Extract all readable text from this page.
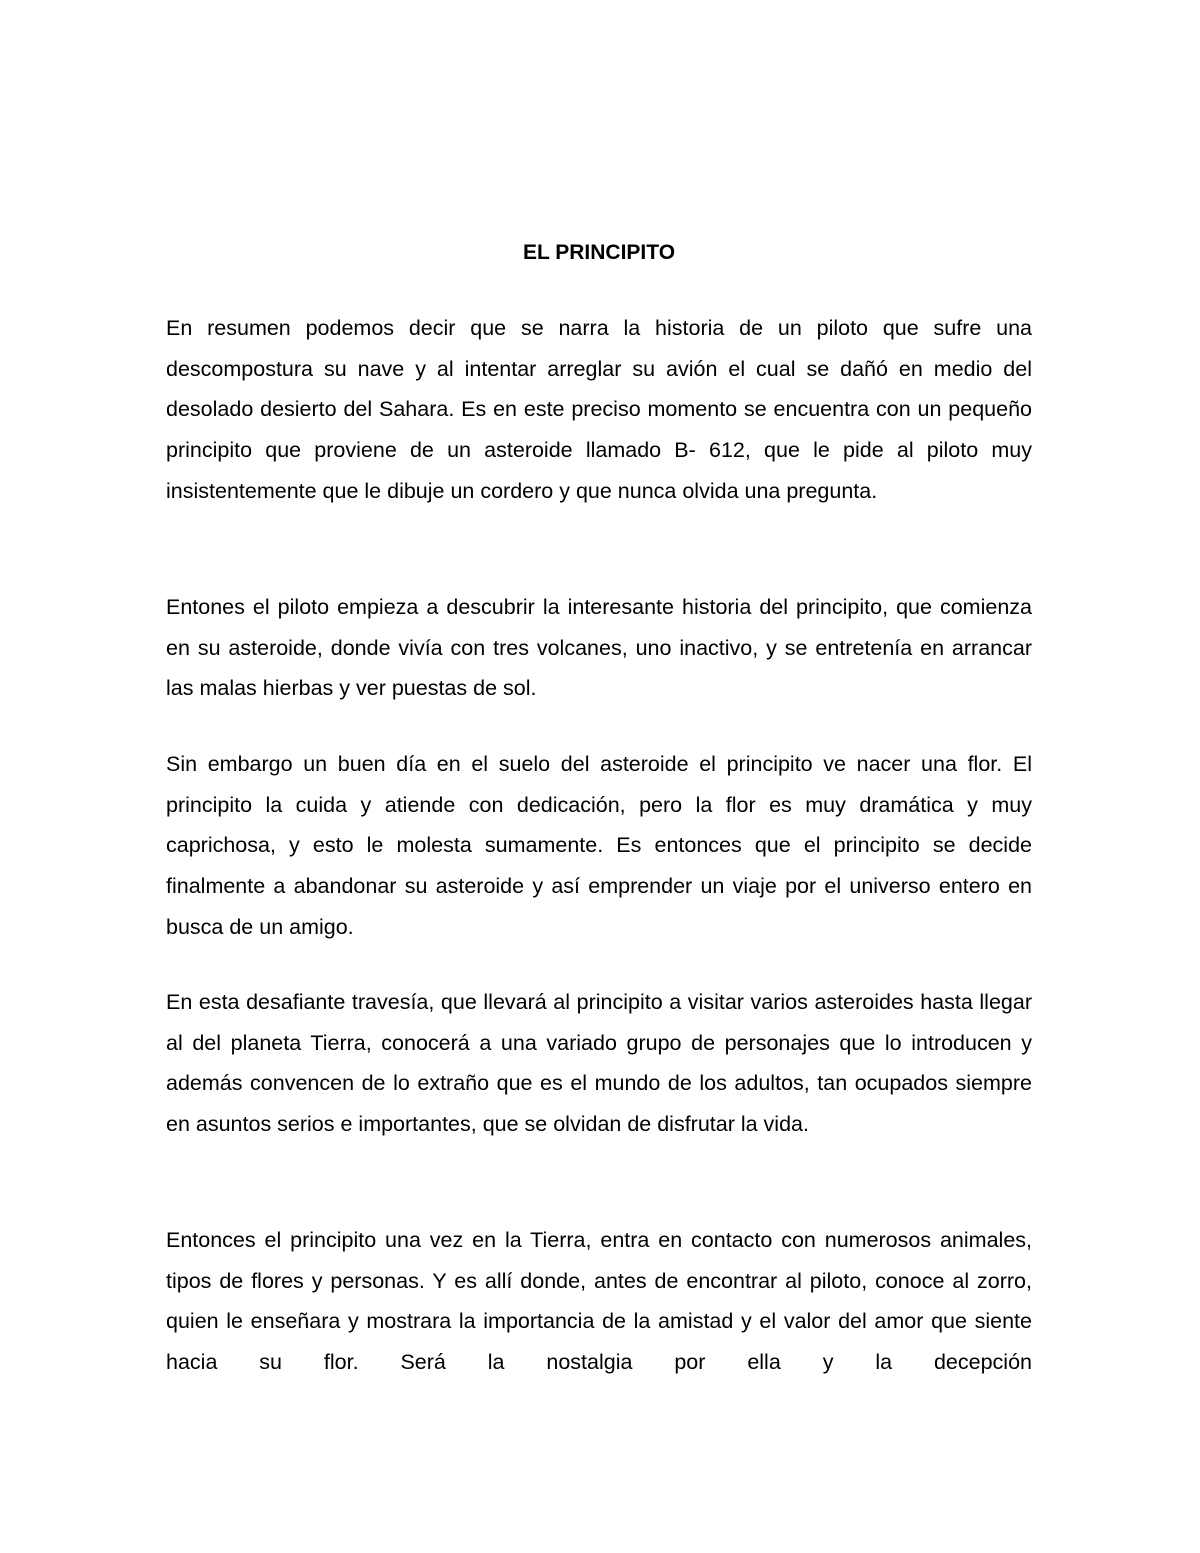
EL PRINCIPITO

En resumen podemos decir que se narra la historia de un piloto que sufre una descompostura su nave y al intentar arreglar su avión el cual se dañó en medio del desolado desierto del Sahara. Es en este preciso momento se encuentra con un pequeño principito que proviene de un asteroide llamado B- 612, que le pide al piloto muy insistentemente que le dibuje un cordero y que nunca olvida una pregunta.

Entones el piloto empieza a descubrir la interesante historia del principito, que comienza en su asteroide, donde vivía con tres volcanes, uno inactivo, y se entretenía en arrancar las malas hierbas y ver puestas de sol.

Sin embargo un buen día en el suelo del asteroide el principito ve nacer una flor. El principito la cuida y atiende con dedicación, pero la flor es muy dramática y muy caprichosa, y esto le molesta sumamente. Es entonces que el principito se decide finalmente a abandonar su asteroide y así emprender un viaje por el universo entero en busca de un amigo.

En esta desafiante travesía, que llevará al principito a visitar varios asteroides hasta llegar al del planeta Tierra, conocerá a una variado grupo de personajes que lo introducen y además convencen de lo extraño que es el mundo de los adultos, tan ocupados siempre en asuntos serios e importantes, que se olvidan de disfrutar la vida.

Entonces el principito una vez en la Tierra, entra en contacto con numerosos animales, tipos de flores y personas. Y es allí donde, antes de encontrar al piloto, conoce al zorro, quien le enseñara y mostrara la importancia de la amistad y el valor del amor que siente hacia su flor. Será la nostalgia por ella y la decepción
